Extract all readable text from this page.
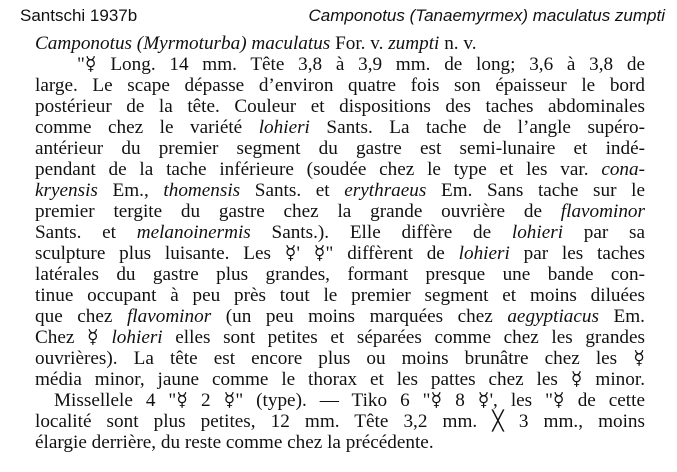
Santschi 1937b	Camponotus (Tanaemyrmex) maculatus zumpti
Camponotus (Myrmoturba) maculatus For. v. zumpti n. v.
"☿ Long. 14 mm. Tête 3,8 à 3,9 mm. de long; 3,6 à 3,8 de
large. Le scape dépasse d’environ quatre fois son épaisseur le bord
postérieur de la tête. Couleur et dispositions des taches abdominales
comme chez le variété lohieri Sants. La tache de l’angle supéro-
antérieur du premier segment du gastre est semi-lunaire et indé-
pendant de la tache inférieure (soudée chez le type et les var. cona-
kryensis Em., thomensis Sants. et erythraeus Em. Sans tache sur le
premier tergite du gastre chez la grande ouvrière de flavominor
Sants. et melanoinermis Sants.). Elle diffère de lohieri par sa
sculpture plus luisante. Les ☿' ☿" diffèrent de lohieri par les taches
latérales du gastre plus grandes, formant presque une bande con-
tinue occupant à peu près tout le premier segment et moins diluées
que chez flavominor (un peu moins marquées chez aegyptiacus Em.
Chez ☿ lohieri elles sont petites et séparées comme chez les grandes
ouvrières). La tête est encore plus ou moins brunâtre chez les ☿
média minor, jaune comme le thorax et les pattes chez les ☿ minor.
Missellele 4 "☿ 2 ☿" (type). — Tiko 6 "☿ 8 ☿', les "☿ de cette
localité sont plus petites, 12 mm. Tête 3,2 mm. ╳ 3 mm., moins
élargie derrière, du reste comme chez la précédente.
